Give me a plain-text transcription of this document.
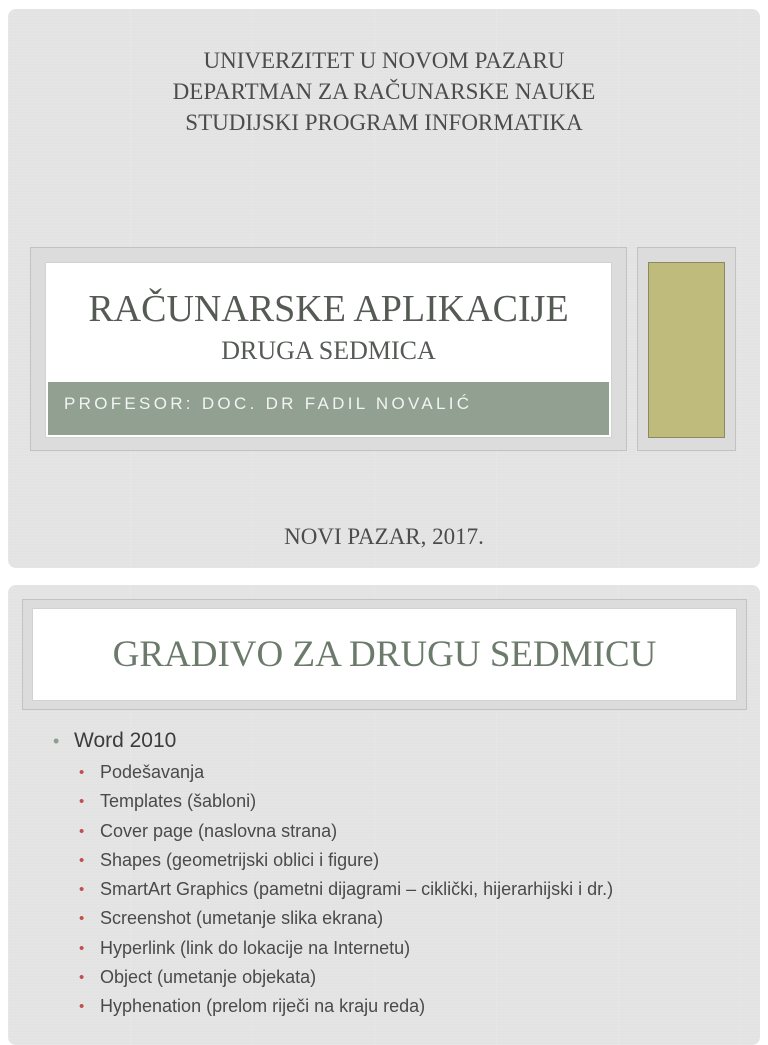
UNIVERZITET U NOVOM PAZARU
DEPARTMAN ZA RAČUNARSKE NAUKE
STUDIJSKI PROGRAM INFORMATIKA
RAČUNARSKE APLIKACIJE
DRUGA SEDMICA
PROFESOR: DOC. DR FADIL NOVALIĆ
NOVI PAZAR, 2017.
GRADIVO ZA DRUGU SEDMICU
• Word 2010
• Podešavanja
• Templates (šabloni)
• Cover page (naslovna strana)
• Shapes (geometrijski oblici i figure)
• SmartArt Graphics (pametni dijagrami – ciklički, hijerarhijski i dr.)
• Screenshot (umetanje slika ekrana)
• Hyperlink (link do lokacije na Internetu)
• Object (umetanje objekata)
• Hyphenation (prelom riječi na kraju reda)
